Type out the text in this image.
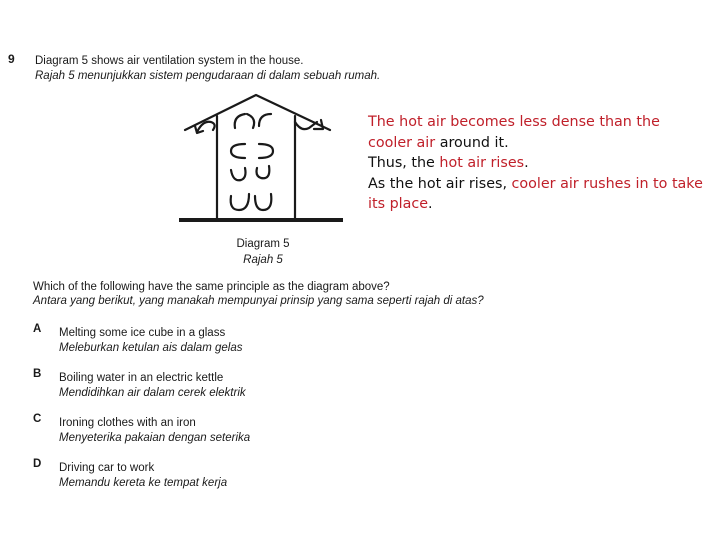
9 Diagram 5 shows air ventilation system in the house.
Rajah 5 menunjukkan sistem pengudaraan di dalam sebuah rumah.
Diagram 5
Rajah 5
Which of the following have the same principle as the diagram above?
Antara yang berikut, yang manakah mempunyai prinsip yang sama seperti rajah di atas?
A Melting some ice cube in a glass
Meleburkan ketulan ais dalam gelas
B Boiling water in an electric kettle
Mendidihkan air dalam cerek elektrik
C Ironing clothes with an iron
Menyeterika pakaian dengan seterika
D Driving car to work
Memandu kereta ke tempat kerja
The hot air becomes less dense than the
cooler air around it.
Thus, the hot air rises.
As the hot air rises, cooler air rushes in to take
its place.
